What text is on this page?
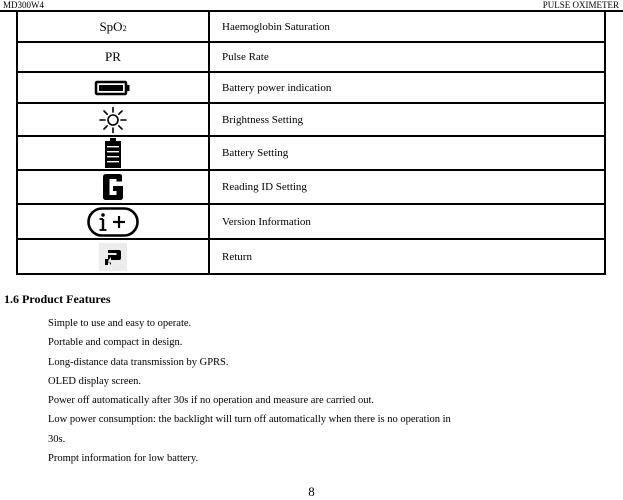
MD300W4	PULSE OXIMETER
SpO2	Haemoglobin Saturation
PR	Pulse Rate
	Battery power indication
	Brightness Setting
	Battery Setting
	Reading ID Setting
	Version Information
	Return
1.6 Product Features
Simple to use and easy to operate.
Portable and compact in design.
Long-distance data transmission by GPRS.
OLED display screen.
Power off automatically after 30s if no operation and measure are carried out.
Low power consumption: the backlight will turn off automatically when there is no operation in
30s.
Prompt information for low battery.
8
